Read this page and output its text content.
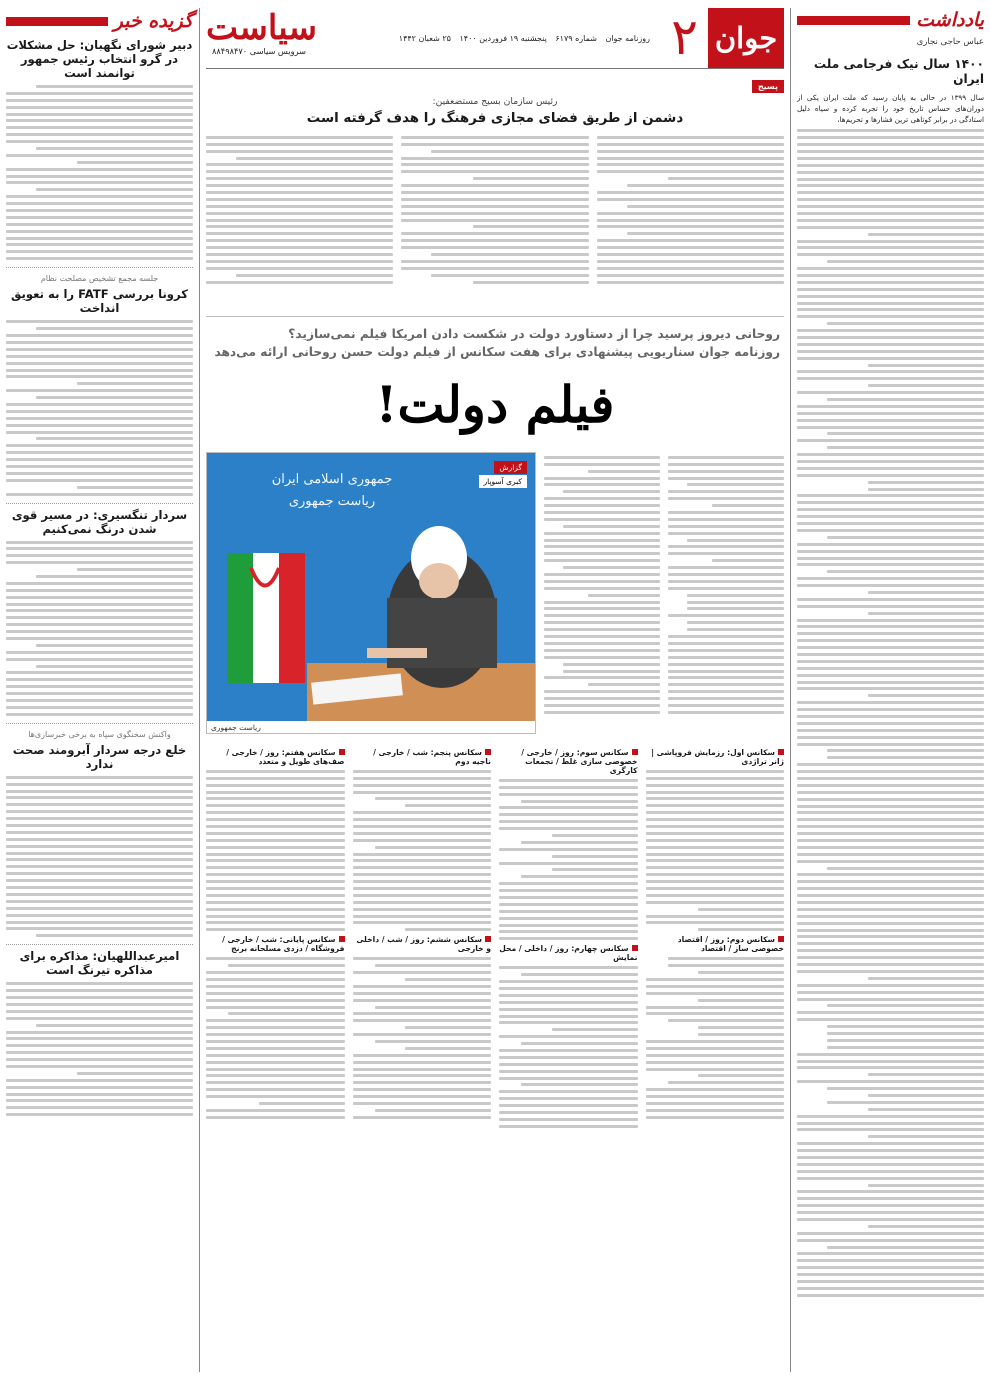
یادداشت
عباس حاجی نجاری
۱۴۰۰ سال نیک فرجامی ملت ایران
سال ۱۳۹۹ در حالی به پایان رسید که ملت ایران یکی از دوران‌های حساس تاریخ خود را تجربه کرده و سیاه دلیل استادگی در برابر کوتاهی ترین فشارها و تحریم‌ها،
جوان
۲
روزنامه جوان شماره ۶۱۷۹ پنجشنبه ۱۹ فروردین ۱۴۰۰ ۲۵ شعبان ۱۴۴۲
سیاست
سرویس سیاسی ۸۸۴۹۸۴۷۰
پسیج
رئیس سازمان بسیج مستضعفین:
دشمن از طریق فضای مجازی فرهنگ را هدف گرفته است
روحانی دیروز پرسید چرا از دستاورد دولت در شکست دادن امریکا فیلم نمی‌سازید؟
روزنامه جوان سناریویی پیشنهادی برای هفت سکانس از فیلم دولت حسن روحانی ارائه می‌دهد
فیلم دولت!
گزارش
کبری آسوپار
جمهوری اسلامی ایران
ریاست جمهوری
ریاست جمهوری
سکانس اول: رزمایش فروپاشی | ژانر تراژدی
سکانس دوم: روز / اقتصاد خصوصی ساز / اقتصاد
سکانس سوم: روز / خارجی / خصوصی سازی غلط / تجمعات کارگری
سکانس چهارم: روز / داخلی / محل نمایش
سکانس پنجم: شب / خارجی / ناجیه دوم
سکانس ششم: روز / شب / داخلی و خارجی
سکانس هفتم: روز / خارجی / صف‌های طویل و متعدد
سکانس پایانی: شب / خارجی / فروشگاه / دزدی مسلحانه برنج
گزیده خبر
دبیر شورای نگهبان: حل مشکلات در گرو انتخاب رئیس جمهور توانمند است
جلسه مجمع تشخیص مصلحت نظام
کرونا بررسی FATF را به تعویق انداخت
سردار تنگسیری: در مسیر قوی شدن درنگ نمی‌کنیم
واکنش سخنگوی سپاه به برخی خبرسازی‌ها
خلع درجه سردار آبرومند صحت ندارد
امیرعبداللهیان: مذاکره برای مذاکره تیرنگ است
